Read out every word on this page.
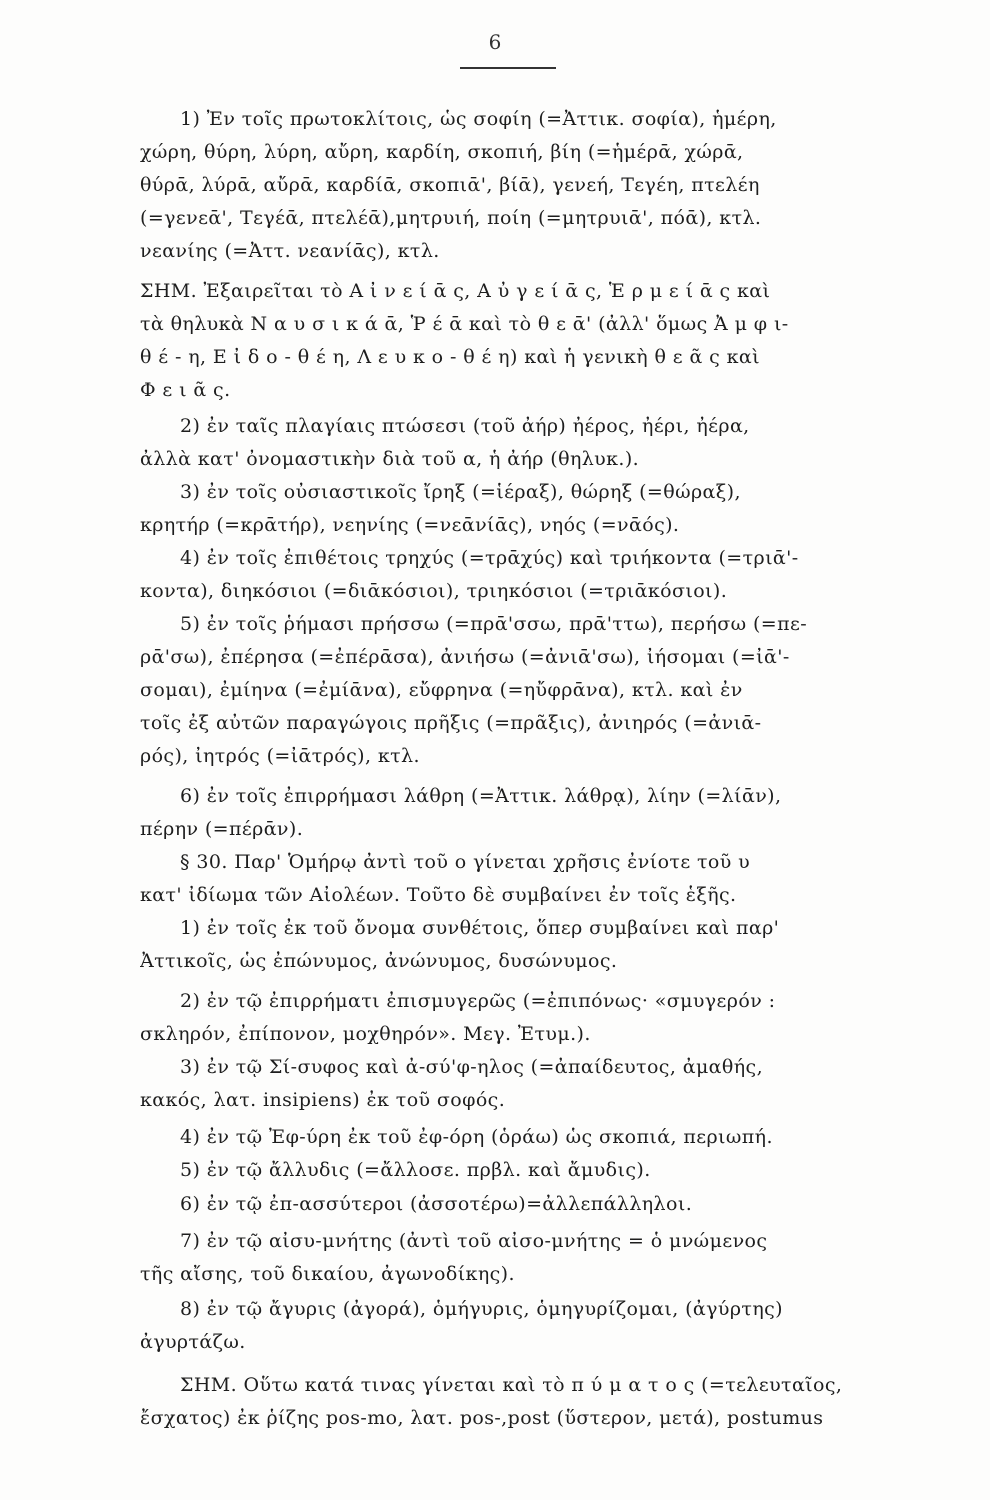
6
1) Ἐν τοῖς πρωτοκλίτοις, ὡς σοφίη (=Ἀττικ. σοφία), ἡμέρη,
χώρη, θύρη, λύρη, αὔρη, καρδίη, σκοπιή, βίη (=ἡμέρᾱ, χώρᾱ,
θύρᾱ, λύρᾱ, αὔρᾱ, καρδίᾱ, σκοπιᾱ', βίᾱ), γενεή, Τεγέη, πτελέη
(=γενεᾱ', Τεγέᾱ, πτελέᾱ),μητρυιή, ποίη (=μητρυιᾱ', πόᾱ), κτλ.
νεανίης (=Ἀττ. νεανίᾱς), κτλ.
ΣΗΜ. Ἐξαιρεῖται τὸ Α ἰ ν ε ί ᾱ ς, Α ὐ γ ε ί ᾱ ς, Ἑ ρ μ ε ί ᾱ ς καὶ
τὰ θηλυκὰ Ν α υ σ ι κ ά ᾱ, Ῥ έ ᾱ καὶ τὸ θ ε ᾱ' (ἀλλ' ὅμως Ἀ μ φ ι-
θ έ - η, Ε ἰ δ ο - θ έ η, Λ ε υ κ ο - θ έ η) καὶ ἡ γενικὴ θ ε ᾶ ς καὶ
Φ ε ι ᾶ ς.
2) ἐν ταῖς πλαγίαις πτώσεσι (τοῦ ἀήρ) ἠέρος, ἠέρι, ἠέρα,
ἀλλὰ κατ' ὀνομαστικὴν διὰ τοῦ α, ἡ ἀήρ (θηλυκ.).
3) ἐν τοῖς οὐσιαστικοῖς ἴρηξ (=ἱέραξ), θώρηξ (=θώραξ),
κρητήρ (=κρᾱτήρ), νεηνίης (=νεᾱνίᾱς), νηός (=νᾱός).
4) ἐν τοῖς ἐπιθέτοις τρηχύς (=τρᾱχύς) καὶ τριήκοντα (=τριᾱ'-
κοντα), διηκόσιοι (=διᾱκόσιοι), τριηκόσιοι (=τριᾱκόσιοι).
5) ἐν τοῖς ῥήμασι πρήσσω (=πρᾱ'σσω, πρᾱ'ττω), περήσω (=πε-
ρᾱ'σω), ἐπέρησα (=ἐπέρᾱσα), ἀνιήσω (=ἀνιᾱ'σω), ἰήσομαι (=ἰᾱ'-
σομαι), ἐμίηνα (=ἐμίᾱνα), εὔφρηνα (=ηὔφρᾱνα), κτλ. καὶ ἐν
τοῖς ἐξ αὐτῶν παραγώγοις πρῆξις (=πρᾶξις), ἀνιηρός (=ἀνιᾱ-
ρός), ἰητρός (=ἰᾱτρός), κτλ.
6) ἐν τοῖς ἐπιρρήμασι λάθρη (=Ἀττικ. λάθρᾳ), λίην (=λίᾱν),
πέρην (=πέρᾱν).
§ 30. Παρ' Ὁμήρῳ ἀντὶ τοῦ ο γίνεται χρῆσις ἐνίοτε τοῦ υ
κατ' ἰδίωμα τῶν Αἰολέων. Τοῦτο δὲ συμβαίνει ἐν τοῖς ἑξῆς.
1) ἐν τοῖς ἐκ τοῦ ὄνομα συνθέτοις, ὅπερ συμβαίνει καὶ παρ'
Ἀττικοῖς, ὡς ἐπώνυμος, ἀνώνυμος, δυσώνυμος.
2) ἐν τῷ ἐπιρρήματι ἐπισμυγερῶς (=ἐπιπόνως· «σμυγερόν :
σκληρόν, ἐπίπονον, μοχθηρόν». Μεγ. Ἐτυμ.).
3) ἐν τῷ Σί-συφος καὶ ἀ-σύ'φ-ηλος (=ἀπαίδευτος, ἀμαθής,
κακός, λατ. insipiens) ἐκ τοῦ σοφός.
4) ἐν τῷ Ἐφ-ύρη ἐκ τοῦ ἐφ-όρη (ὁράω) ὡς σκοπιά, περιωπή.
5) ἐν τῷ ἄλλυδις (=ἄλλοσε. πρβλ. καὶ ἄμυδις).
6) ἐν τῷ ἐπ-ασσύτεροι (ἀσσοτέρω)=ἀλλεπάλληλοι.
7) ἐν τῷ αἰσυ-μνήτης (ἀντὶ τοῦ αἰσο-μνήτης = ὁ μνώμενος
τῆς αἴσης, τοῦ δικαίου, ἀγωνοδίκης).
8) ἐν τῷ ἄγυρις (ἀγορά), ὁμήγυρις, ὁμηγυρίζομαι, (ἀγύρτης)
ἀγυρτάζω.
ΣΗΜ. Οὕτω κατά τινας γίνεται καὶ τὸ π ύ μ α τ ο ς (=τελευταῖος,
ἔσχατος) ἐκ ῥίζης pos-mo, λατ. pos-,post (ὕστερον, μετά), postumus
